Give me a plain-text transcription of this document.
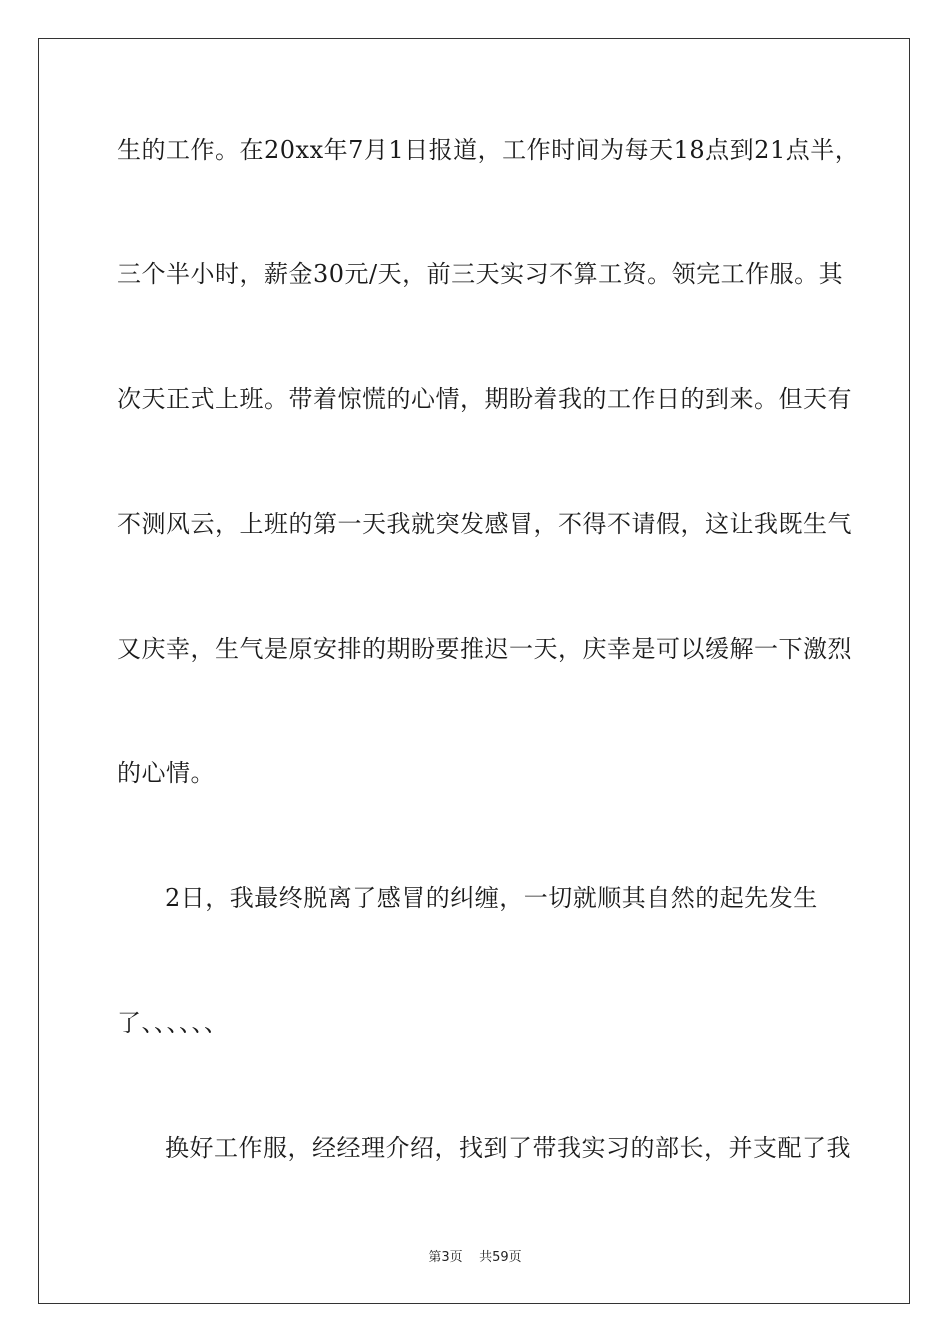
生的工作。在20xx年7月1日报道，工作时间为每天18点到21点半，
三个半小时，薪金30元/天，前三天实习不算工资。领完工作服。其
次天正式上班。带着惊慌的心情，期盼着我的工作日的到来。但天有
不测风云，上班的第一天我就突发感冒，不得不请假，这让我既生气
又庆幸，生气是原安排的期盼要推迟一天，庆幸是可以缓解一下激烈
的心情。
2日，我最终脱离了感冒的纠缠，一切就顺其自然的起先发生
了、、、、、、
换好工作服，经经理介绍，找到了带我实习的部长，并支配了我
第3页 共59页
